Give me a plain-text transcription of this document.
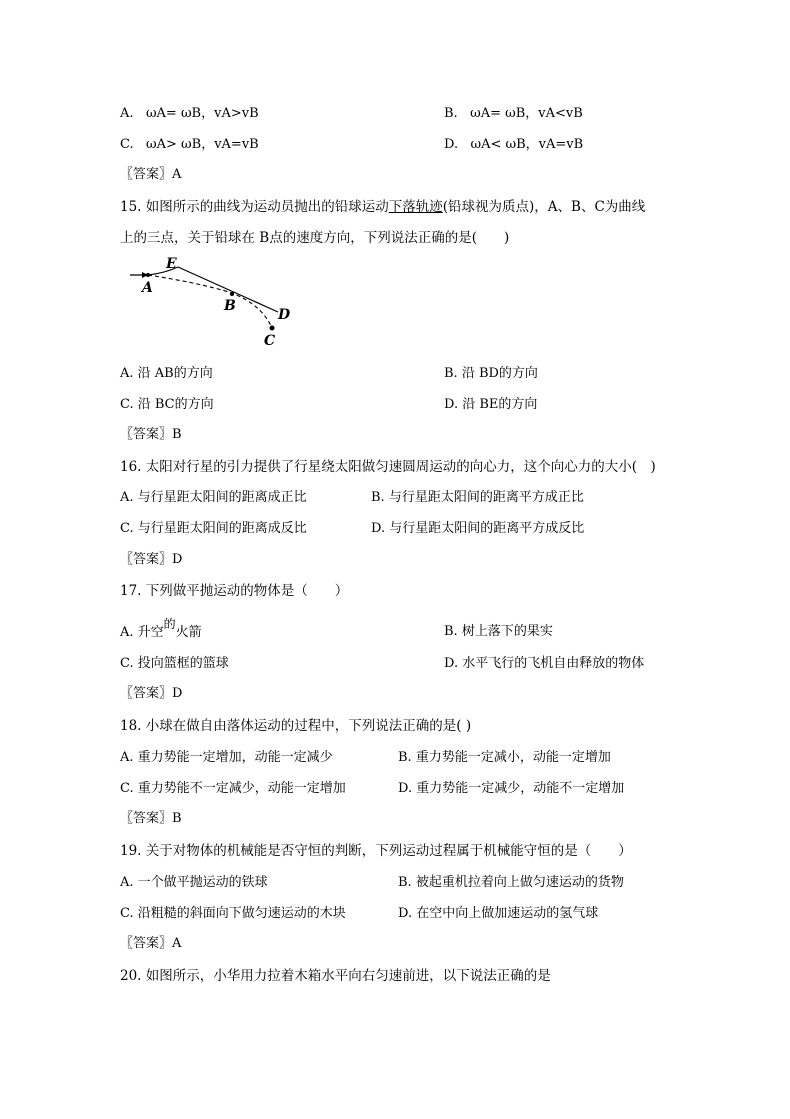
A. ωA= ωB，vA>vB	B. ωA= ωB，vA<vB
C. ωA> ωB，vA=vB	D. ωA< ωB，vA=vB
〖答案〗A
15. 如图所示的曲线为运动员抛出的铅球运动下落轨迹(铅球视为质点)，A、B、C为曲线
上的三点，关于铅球在 B点的速度方向，下列说法正确的是(　　)
E
A
B
D
C
A. 沿 AB的方向	B. 沿 BD的方向
C. 沿 BC的方向	D. 沿 BE的方向
〖答案〗B
16. 太阳对行星的引力提供了行星绕太阳做匀速圆周运动的向心力，这个向心力的大小(　)
A. 与行星距太阳间的距离成正比	B. 与行星距太阳间的距离平方成正比
C. 与行星距太阳间的距离成反比	D. 与行星距太阳间的距离平方成反比
〖答案〗D
17. 下列做平抛运动的物体是（　　）
A. 升空的火箭	B. 树上落下的果实
C. 投向篮框的篮球	D. 水平飞行的飞机自由释放的物体
〖答案〗D
18. 小球在做自由落体运动的过程中，下列说法正确的是( )
A. 重力势能一定增加，动能一定减少	B. 重力势能一定减小，动能一定增加
C. 重力势能不一定减少，动能一定增加	D. 重力势能一定减少，动能不一定增加
〖答案〗B
19. 关于对物体的机械能是否守恒的判断，下列运动过程属于机械能守恒的是（　　）
A. 一个做平抛运动的铁球	B. 被起重机拉着向上做匀速运动的货物
C. 沿粗糙的斜面向下做匀速运动的木块	D. 在空中向上做加速运动的氢气球
〖答案〗A
20. 如图所示，小华用力拉着木箱水平向右匀速前进，以下说法正确的是
